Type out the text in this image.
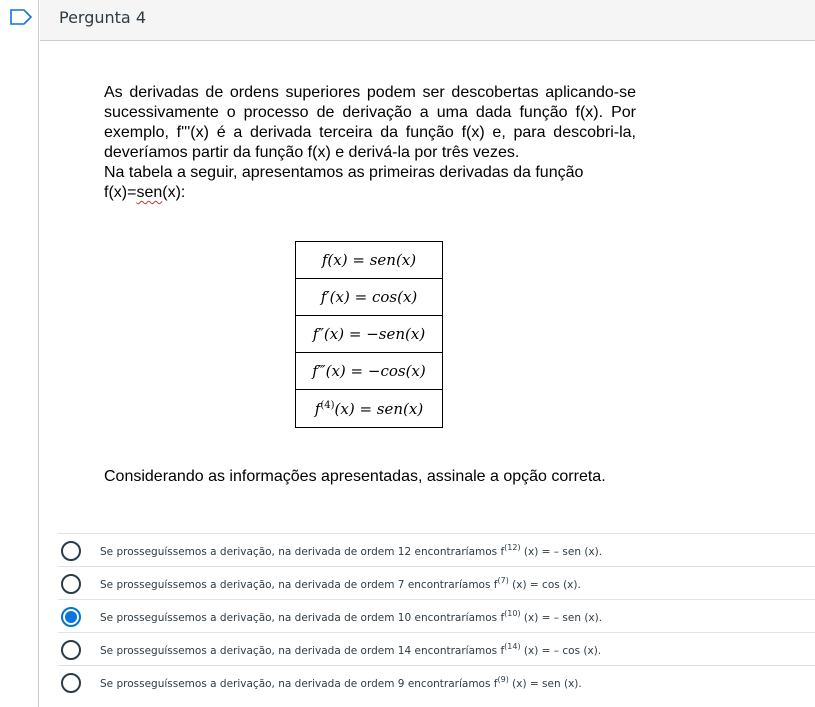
Pergunta 4

As derivadas de ordens superiores podem ser descobertas aplicando-se sucessivamente o processo de derivação a uma dada função f(x). Por exemplo, f'''(x) é a derivada terceira da função f(x) e, para descobri-la, deveríamos partir da função f(x) e derivá-la por três vezes.

Na tabela a seguir, apresentamos as primeiras derivadas da função f(x)=sen(x):

f(x) = sen(x)
f′(x) = cos(x)
f″(x) = −sen(x)
f‴(x) = −cos(x)
$f^{(4)}(x) = sen(x)$
Considerando as informações apresentadas, assinale a opção correta.
Se prosseguíssemos a derivação, na derivada de ordem 12 encontraríamos $f^{(12)}$ (x) = – sen (x).
Se prosseguíssemos a derivação, na derivada de ordem 7 encontraríamos $f^{(7)}$ (x) = cos (x).
Se prosseguíssemos a derivação, na derivada de ordem 10 encontraríamos $f^{(10)}$ (x) = – sen (x).
Se prosseguíssemos a derivação, na derivada de ordem 14 encontraríamos $f^{(14)}$ (x) = – cos (x).
Se prosseguíssemos a derivação, na derivada de ordem 9 encontraríamos $f^{(9)}$ (x) = sen (x).
